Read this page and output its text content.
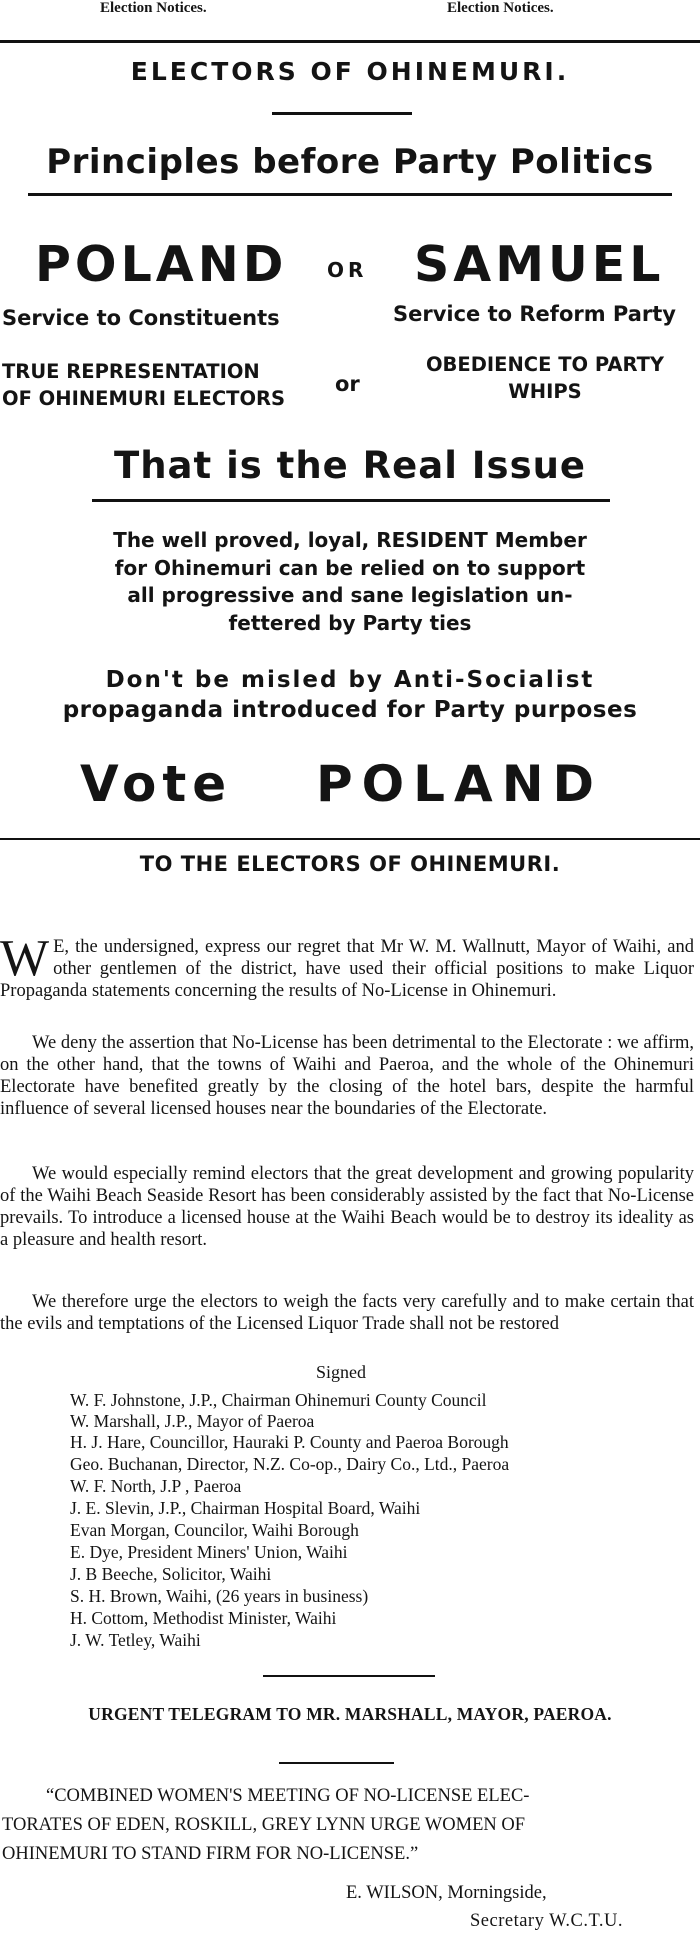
Election Notices.	Election Notices.
ELECTORS OF OHINEMURI.
Principles before Party Politics
POLAND OR SAMUEL
Service to Constituents	Service to Reform Party
TRUE REPRESENTATION
OF OHINEMURI ELECTORS
or
OBEDIENCE TO PARTY
WHIPS
That is the Real Issue
The well proved, loyal, RESIDENT Member
for Ohinemuri can be relied on to support
all progressive and sane legislation un-
fettered by Party ties
Don't be misled by Anti-Socialist
propaganda introduced for Party purposes
Vote POLAND
TO THE ELECTORS OF OHINEMURI.
W E, the undersigned, express our regret that Mr W. M. Wallnutt, Mayor of Waihi, and other gentlemen of the district, have used their official positions to make Liquor Propaganda statements concerning the results of No-License in Ohinemuri.

We deny the assertion that No-License has been detrimental to the Electorate : we affirm, on the other hand, that the towns of Waihi and Paeroa, and the whole of the Ohinemuri Electorate have benefited greatly by the closing of the hotel bars, despite the harmful influence of several licensed houses near the boundaries of the Electorate.

We would especially remind electors that the great development and growing popularity of the Waihi Beach Seaside Resort has been considerably assisted by the fact that No-License prevails. To introduce a licensed house at the Waihi Beach would be to destroy its ideality as a pleasure and health resort.

We therefore urge the electors to weigh the facts very carefully and to make certain that the evils and temptations of the Licensed Liquor Trade shall not be restored

Signed
W. F. Johnstone, J.P., Chairman Ohinemuri County Council
W. Marshall, J.P., Mayor of Paeroa
H. J. Hare, Councillor, Hauraki P. County and Paeroa Borough
Geo. Buchanan, Director, N.Z. Co-op., Dairy Co., Ltd., Paeroa
W. F. North, J.P , Paeroa
J. E. Slevin, J.P., Chairman Hospital Board, Waihi
Evan Morgan, Councilor, Waihi Borough
E. Dye, President Miners' Union, Waihi
J. B Beeche, Solicitor, Waihi
S. H. Brown, Waihi, (26 years in business)
H. Cottom, Methodist Minister, Waihi
J. W. Tetley, Waihi
URGENT TELEGRAM TO MR. MARSHALL, MAYOR, PAEROA.
“COMBINED WOMEN'S MEETING OF NO-LICENSE ELEC-
TORATES OF EDEN, ROSKILL, GREY LYNN URGE WOMEN OF
OHINEMURI TO STAND FIRM FOR NO-LICENSE.”
E. WILSON, Morningside,
Secretary W.C.T.U.
